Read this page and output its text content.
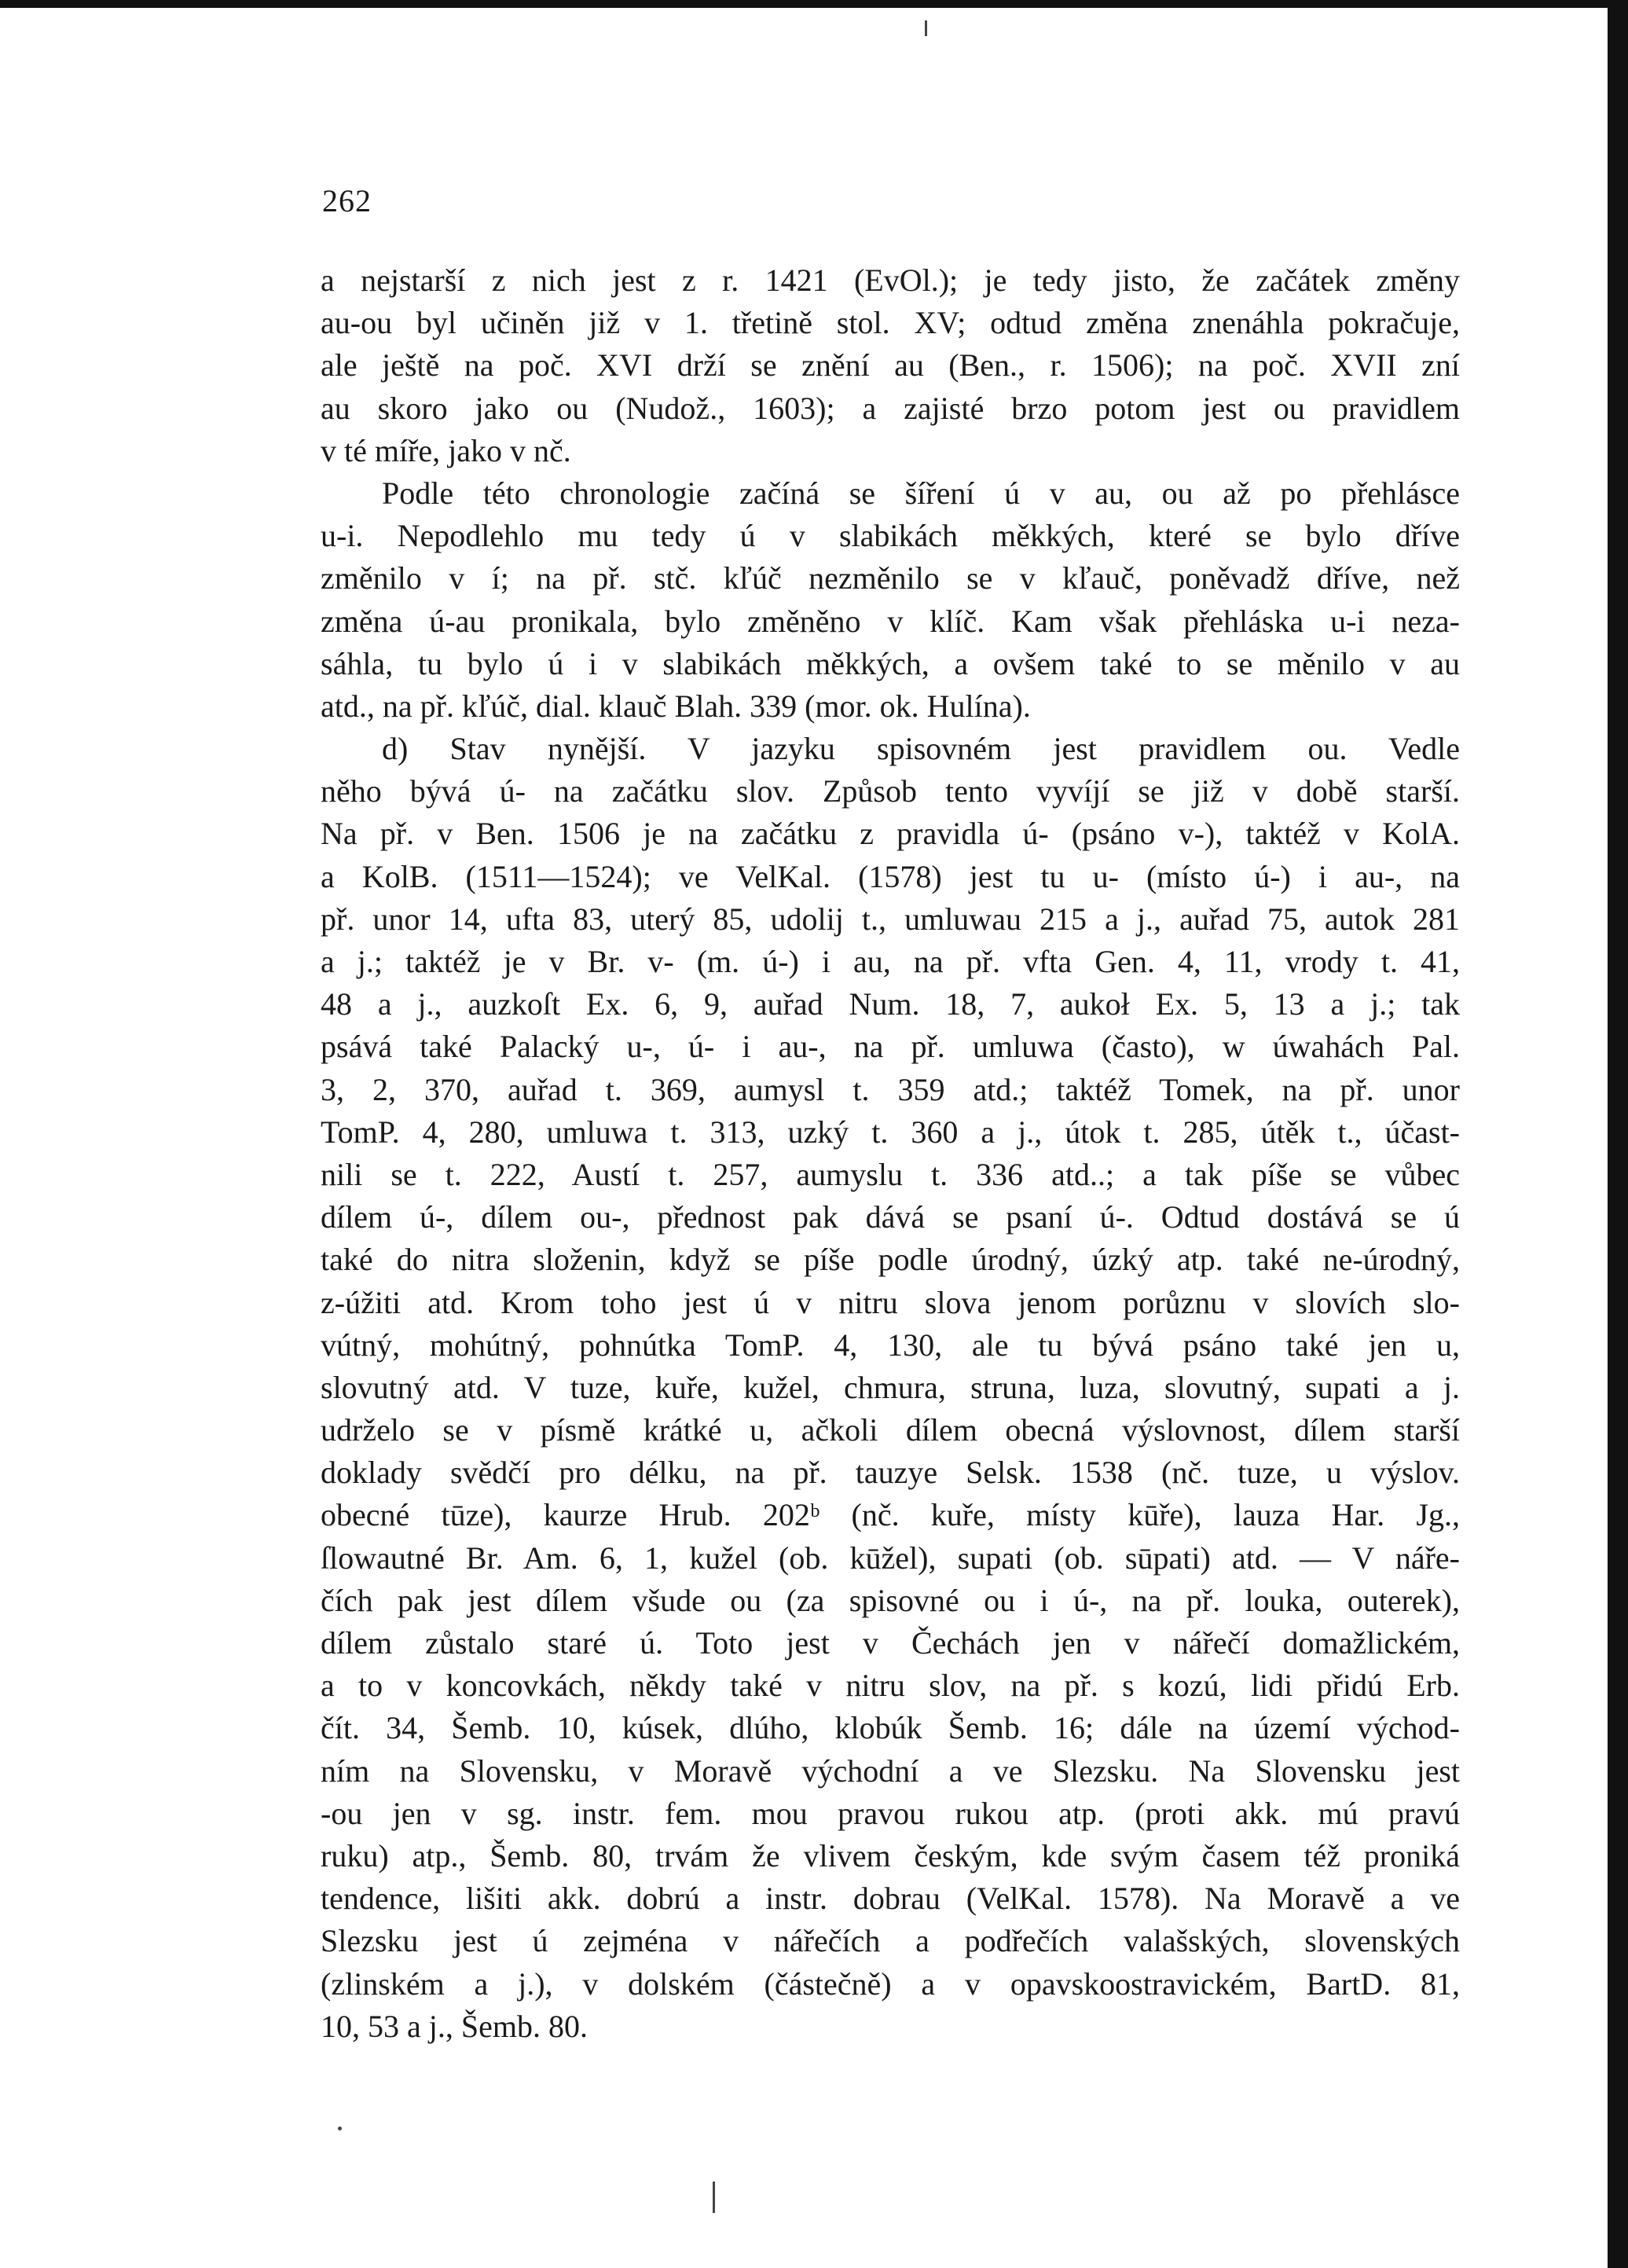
262
a nejstarší z nich jest z r. 1421 (EvOl.); je tedy jisto, že začátek změny
au-ou byl učiněn již v 1. třetině stol. XV; odtud změna znenáhla pokračuje,
ale ještě na poč. XVI drží se znění au (Ben., r. 1506); na poč. XVII zní
au skoro jako ou (Nudož., 1603); a zajisté brzo potom jest ou pravidlem
v té míře, jako v nč.
Podle této chronologie začíná se šíření ú v au, ou až po přehlásce
u-i. Nepodlehlo mu tedy ú v slabikách měkkých, které se bylo dříve
změnilo v í; na př. stč. kľúč nezměnilo se v kľauč, poněvadž dříve, než
změna ú-au pronikala, bylo změněno v klíč. Kam však přehláska u-i neza-
sáhla, tu bylo ú i v slabikách měkkých, a ovšem také to se měnilo v au
atd., na př. kľúč, dial. klauč Blah. 339 (mor. ok. Hulína).
d) Stav nynější. V jazyku spisovném jest pravidlem ou. Vedle
něho bývá ú- na začátku slov. Způsob tento vyvíjí se již v době starší.
Na př. v Ben. 1506 je na začátku z pravidla ú- (psáno v-), taktéž v KolA.
a KolB. (1511—1524); ve VelKal. (1578) jest tu u- (místo ú-) i au-, na
př. unor 14, ufta 83, uterý 85, udolij t., umluwau 215 a j., auřad 75, autok 281
a j.; taktéž je v Br. v- (m. ú-) i au, na př. vfta Gen. 4, 11, vrody t. 41,
48 a j., auzkoſt Ex. 6, 9, auřad Num. 18, 7, aukoł Ex. 5, 13 a j.; tak
psává také Palacký u-, ú- i au-, na př. umluwa (často), w úwahách Pal.
3, 2, 370, auřad t. 369, aumysl t. 359 atd.; taktéž Tomek, na př. unor
TomP. 4, 280, umluwa t. 313, uzký t. 360 a j., útok t. 285, útěk t., účast-
nili se t. 222, Austí t. 257, aumyslu t. 336 atd..; a tak píše se vůbec
dílem ú-, dílem ou-, přednost pak dává se psaní ú-. Odtud dostává se ú
také do nitra složenin, když se píše podle úrodný, úzký atp. také ne-úrodný,
z-úžiti atd. Krom toho jest ú v nitru slova jenom porůznu v slovích slo-
vútný, mohútný, pohnútka TomP. 4, 130, ale tu bývá psáno také jen u,
slovutný atd. V tuze, kuře, kužel, chmura, struna, luza, slovutný, supati a j.
udrželo se v písmě krátké u, ačkoli dílem obecná výslovnost, dílem starší
doklady svědčí pro délku, na př. tauzye Selsk. 1538 (nč. tuze, u výslov.
obecné tūze), kaurze Hrub. 202ᵇ (nč. kuře, místy kūře), lauza Har. Jg.,
ſlowautné Br. Am. 6, 1, kužel (ob. kūžel), supati (ob. sūpati) atd. — V náře-
čích pak jest dílem všude ou (za spisovné ou i ú-, na př. louka, outerek),
dílem zůstalo staré ú. Toto jest v Čechách jen v nářečí domažlickém,
a to v koncovkách, někdy také v nitru slov, na př. s kozú, lidi přidú Erb.
čít. 34, Šemb. 10, kúsek, dlúho, klobúk Šemb. 16; dále na území východ-
ním na Slovensku, v Moravě východní a ve Slezsku. Na Slovensku jest
-ou jen v sg. instr. fem. mou pravou rukou atp. (proti akk. mú pravú
ruku) atp., Šemb. 80, trvám že vlivem českým, kde svým časem též proniká
tendence, lišiti akk. dobrú a instr. dobrau (VelKal. 1578). Na Moravě a ve
Slezsku jest ú zejména v nářečích a podřečích valašských, slovenských
(zlinském a j.), v dolském (částečně) a v opavskoostravickém, BartD. 81,
10, 53 a j., Šemb. 80.
